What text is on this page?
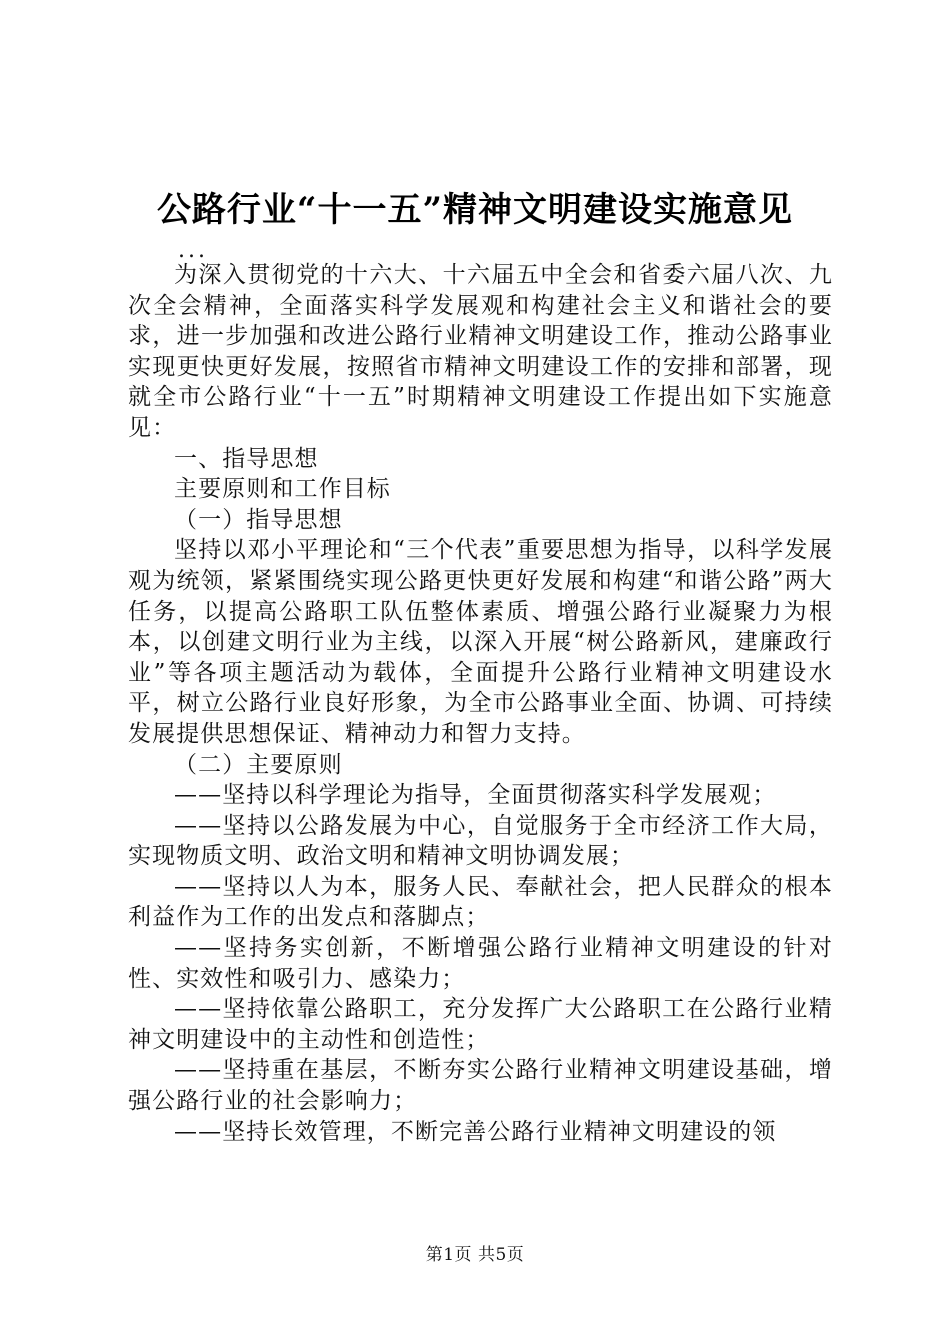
公路行业“十一五”精神文明建设实施意见
...

为深入贯彻党的十六大、十六届五中全会和省委六届八次、九次全会精神，全面落实科学发展观和构建社会主义和谐社会的要求，进一步加强和改进公路行业精神文明建设工作，推动公路事业实现更快更好发展，按照省市精神文明建设工作的安排和部署，现就全市公路行业“十一五”时期精神文明建设工作提出如下实施意见：

一、指导思想

主要原则和工作目标

（一）指导思想

坚持以邓小平理论和“三个代表”重要思想为指导，以科学发展观为统领，紧紧围绕实现公路更快更好发展和构建“和谐公路”两大任务，以提高公路职工队伍整体素质、增强公路行业凝聚力为根本，以创建文明行业为主线，以深入开展“树公路新风，建廉政行业”等各项主题活动为载体，全面提升公路行业精神文明建设水平，树立公路行业良好形象，为全市公路事业全面、协调、可持续发展提供思想保证、精神动力和智力支持。

（二）主要原则

——坚持以科学理论为指导，全面贯彻落实科学发展观；

——坚持以公路发展为中心，自觉服务于全市经济工作大局，实现物质文明、政治文明和精神文明协调发展；

——坚持以人为本，服务人民、奉献社会，把人民群众的根本利益作为工作的出发点和落脚点；

——坚持务实创新，不断增强公路行业精神文明建设的针对性、实效性和吸引力、感染力；

——坚持依靠公路职工，充分发挥广大公路职工在公路行业精神文明建设中的主动性和创造性；

——坚持重在基层，不断夯实公路行业精神文明建设基础，增强公路行业的社会影响力；

——坚持长效管理，不断完善公路行业精神文明建设的领

第1页 共5页
